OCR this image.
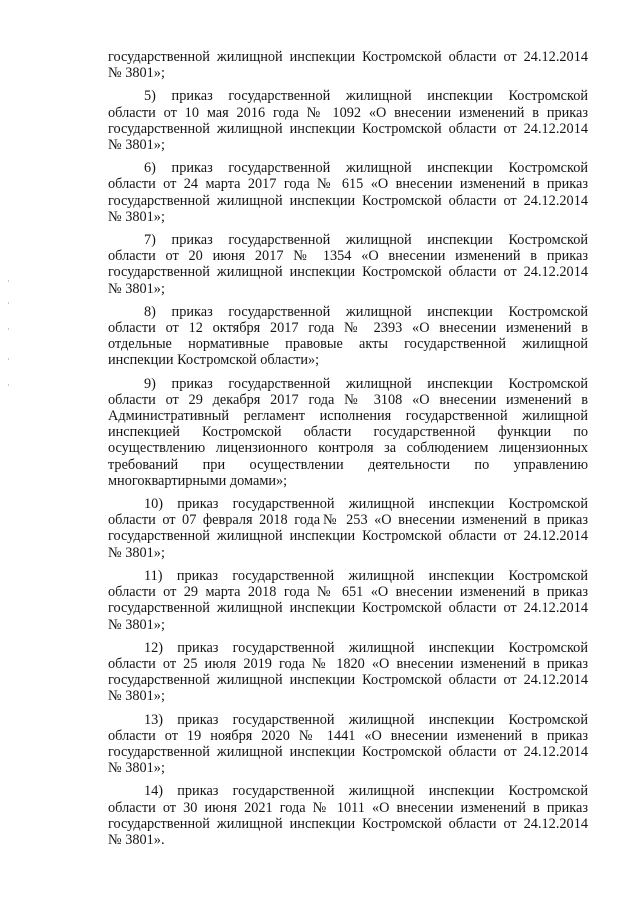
государственной жилищной инспекции Костромской области от 24.12.2014
№ 3801»;
5) приказ государственной жилищной инспекции Костромской
области от 10 мая 2016 года № 1092 «О внесении изменений в приказ
государственной жилищной инспекции Костромской области от 24.12.2014
№ 3801»;
6) приказ государственной жилищной инспекции Костромской
области от 24 марта 2017 года № 615 «О внесении изменений в приказ
государственной жилищной инспекции Костромской области от 24.12.2014
№ 3801»;
7) приказ государственной жилищной инспекции Костромской
области от 20 июня 2017 № 1354 «О внесении изменений в приказ
государственной жилищной инспекции Костромской области от 24.12.2014
№ 3801»;
8) приказ государственной жилищной инспекции Костромской
области от 12 октября 2017 года № 2393 «О внесении изменений в
отдельные нормативные правовые акты государственной жилищной
инспекции Костромской области»;
9) приказ государственной жилищной инспекции Костромской
области от 29 декабря 2017 года № 3108 «О внесении изменений в
Административный регламент исполнения государственной жилищной
инспекцией Костромской области государственной функции по
осуществлению лицензионного контроля за соблюдением лицензионных
требований при осуществлении деятельности по управлению
многоквартирными домами»;
10) приказ государственной жилищной инспекции Костромской
области от 07 февраля 2018 года№ 253 «О внесении изменений в приказ
государственной жилищной инспекции Костромской области от 24.12.2014
№ 3801»;
11) приказ государственной жилищной инспекции Костромской
области от 29 марта 2018 года № 651 «О внесении изменений в приказ
государственной жилищной инспекции Костромской области от 24.12.2014
№ 3801»;
12) приказ государственной жилищной инспекции Костромской
области от 25 июля 2019 года № 1820 «О внесении изменений в приказ
государственной жилищной инспекции Костромской области от 24.12.2014
№ 3801»;
13) приказ государственной жилищной инспекции Костромской
области от 19 ноября 2020 № 1441 «О внесении изменений в приказ
государственной жилищной инспекции Костромской области от 24.12.2014
№ 3801»;
14) приказ государственной жилищной инспекции Костромской
области от 30 июня 2021 года № 1011 «О внесении изменений в приказ
государственной жилищной инспекции Костромской области от 24.12.2014
№ 3801».
